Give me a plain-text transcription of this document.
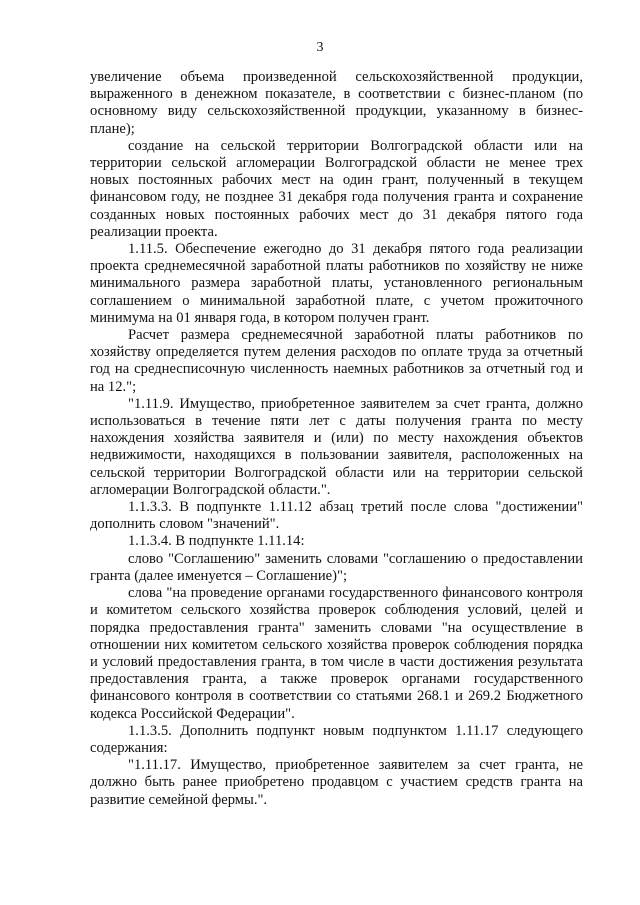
3

увеличение объема произведенной сельскохозяйственной продукции, выраженного в денежном показателе, в соответствии с бизнес-планом (по основному виду сельскохозяйственной продукции, указанному в бизнес-плане);

создание на сельской территории Волгоградской области или на территории сельской агломерации Волгоградской области не менее трех новых постоянных рабочих мест на один грант, полученный в текущем финансовом году, не позднее 31 декабря года получения гранта и сохранение созданных новых постоянных рабочих мест до 31 декабря пятого года реализации проекта.

1.11.5. Обеспечение ежегодно до 31 декабря пятого года реализации проекта среднемесячной заработной платы работников по хозяйству не ниже минимального размера заработной платы, установленного региональным соглашением о минимальной заработной плате, с учетом прожиточного минимума на 01 января года, в котором получен грант.

Расчет размера среднемесячной заработной платы работников по хозяйству определяется путем деления расходов по оплате труда за отчетный год на среднесписочную численность наемных работников за отчетный год и на 12.";

"1.11.9. Имущество, приобретенное заявителем за счет гранта, должно использоваться в течение пяти лет с даты получения гранта по месту нахождения хозяйства заявителя и (или) по месту нахождения объектов недвижимости, находящихся в пользовании заявителя, расположенных на сельской территории Волгоградской области или на территории сельской агломерации Волгоградской области.".

1.1.3.3. В подпункте 1.11.12 абзац третий после слова "достижении" дополнить словом "значений".

1.1.3.4. В подпункте 1.11.14:

слово "Соглашению" заменить словами "соглашению о предоставлении гранта (далее именуется – Соглашение)";

слова "на проведение органами государственного финансового контроля и комитетом сельского хозяйства проверок соблюдения условий, целей и порядка предоставления гранта" заменить словами "на осуществление в отношении них комитетом сельского хозяйства проверок соблюдения порядка и условий предоставления гранта, в том числе в части достижения результата предоставления гранта, а также проверок органами государственного финансового контроля в соответствии со статьями 268.1 и 269.2 Бюджетного кодекса Российской Федерации".

1.1.3.5. Дополнить подпункт новым подпунктом 1.11.17 следующего содержания:

"1.11.17. Имущество, приобретенное заявителем за счет гранта, не должно быть ранее приобретено продавцом с участием средств гранта на развитие семейной фермы.".
